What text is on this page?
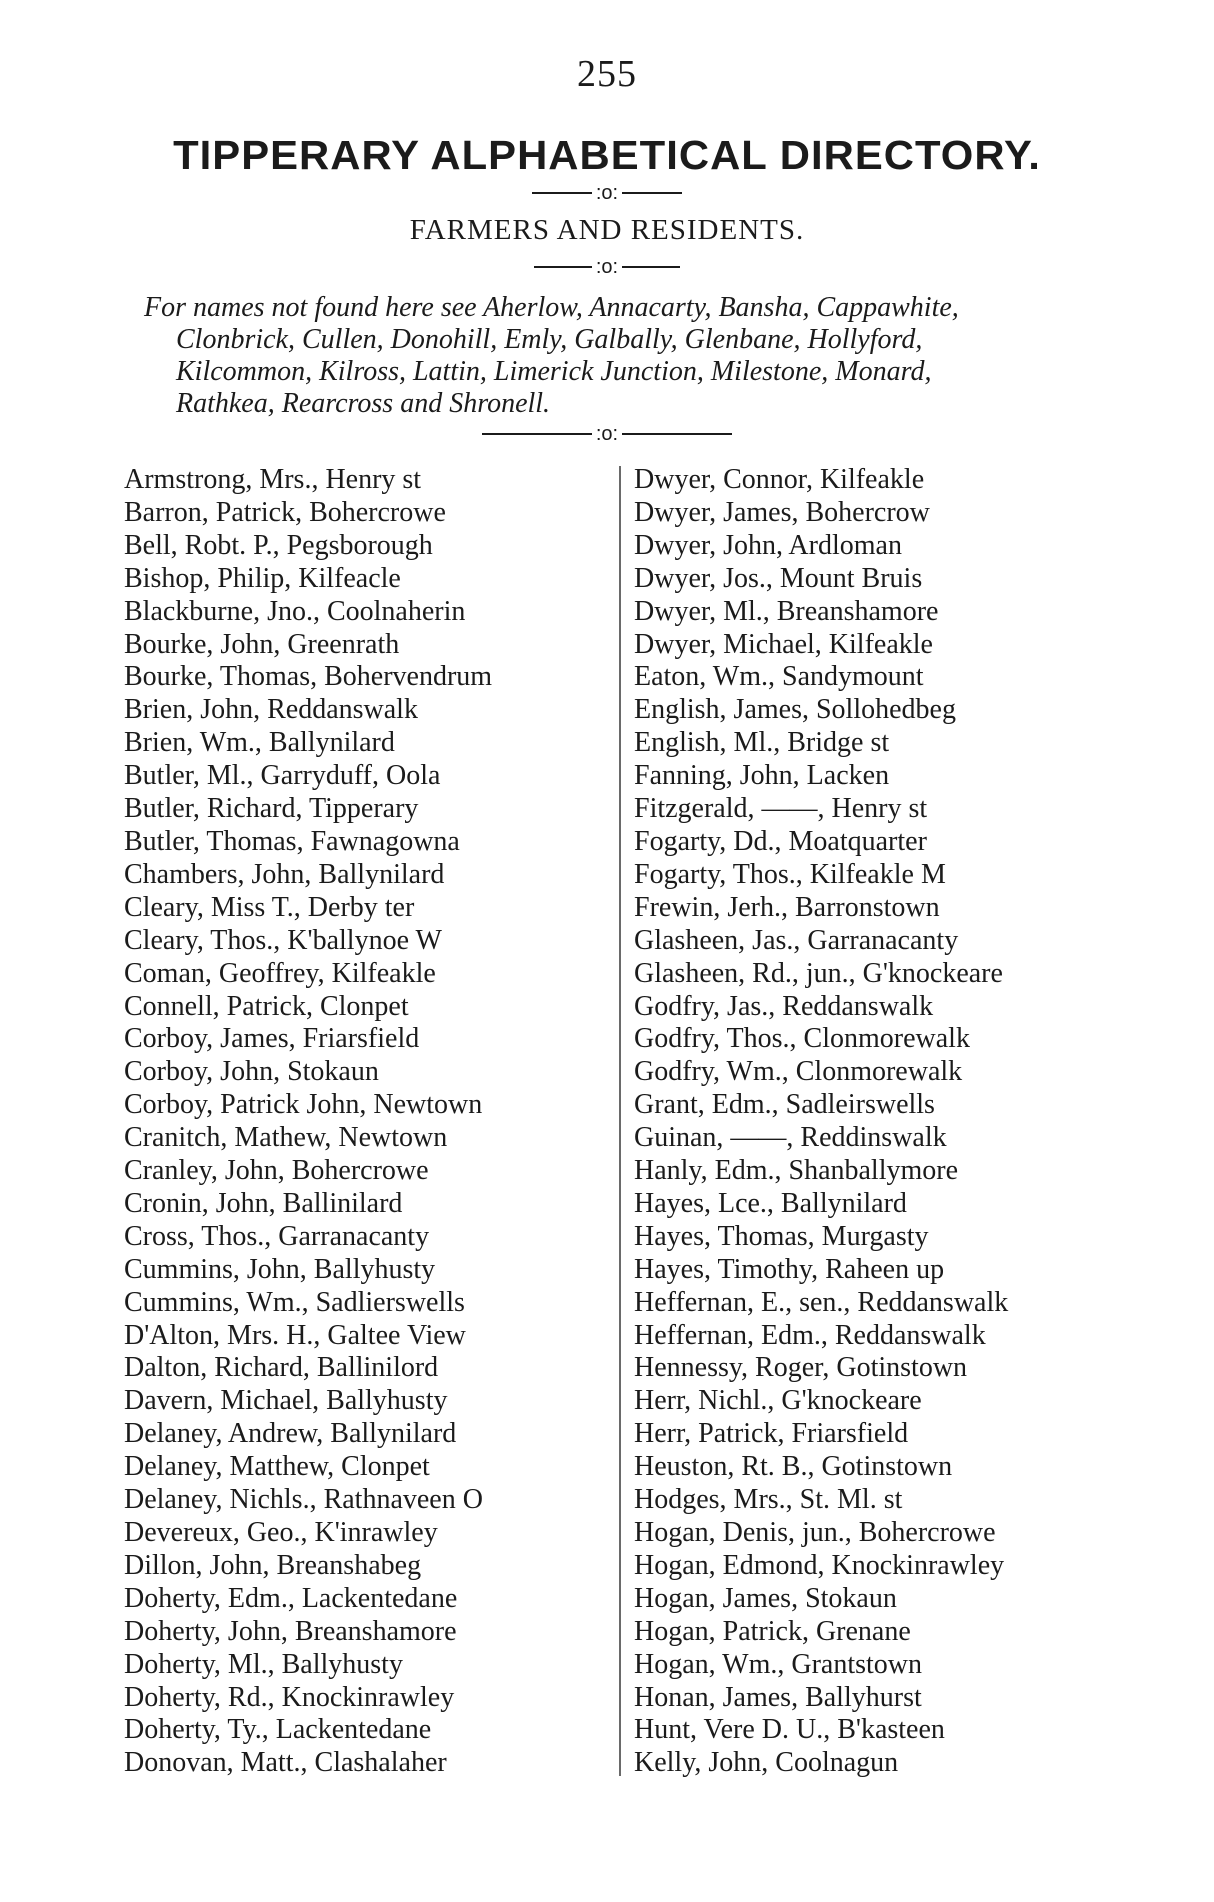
255
TIPPERARY ALPHABETICAL DIRECTORY.
:o:
FARMERS AND RESIDENTS.
:o:
For names not found here see Aherlow, Annacarty, Bansha, Cappawhite,
Clonbrick, Cullen, Donohill, Emly, Galbally, Glenbane, Hollyford,
Kilcommon, Kilross, Lattin, Limerick Junction, Milestone, Monard,
Rathkea, Rearcross and Shronell.
:o:
Armstrong, Mrs., Henry st
Barron, Patrick, Bohercrowe
Bell, Robt. P., Pegsborough
Bishop, Philip, Kilfeacle
Blackburne, Jno., Coolnaherin
Bourke, John, Greenrath
Bourke, Thomas, Bohervendrum
Brien, John, Reddanswalk
Brien, Wm., Ballynilard
Butler, Ml., Garryduff, Oola
Butler, Richard, Tipperary
Butler, Thomas, Fawnagowna
Chambers, John, Ballynilard
Cleary, Miss T., Derby ter
Cleary, Thos., K'ballynoe W
Coman, Geoffrey, Kilfeakle
Connell, Patrick, Clonpet
Corboy, James, Friarsfield
Corboy, John, Stokaun
Corboy, Patrick John, Newtown
Cranitch, Mathew, Newtown
Cranley, John, Bohercrowe
Cronin, John, Ballinilard
Cross, Thos., Garranacanty
Cummins, John, Ballyhusty
Cummins, Wm., Sadlierswells
D'Alton, Mrs. H., Galtee View
Dalton, Richard, Ballinilord
Davern, Michael, Ballyhusty
Delaney, Andrew, Ballynilard
Delaney, Matthew, Clonpet
Delaney, Nichls., Rathnaveen O
Devereux, Geo., K'inrawley
Dillon, John, Breanshabeg
Doherty, Edm., Lackentedane
Doherty, John, Breanshamore
Doherty, Ml., Ballyhusty
Doherty, Rd., Knockinrawley
Doherty, Ty., Lackentedane
Donovan, Matt., Clashalaher
Dwyer, Connor, Kilfeakle
Dwyer, James, Bohercrow
Dwyer, John, Ardloman
Dwyer, Jos., Mount Bruis
Dwyer, Ml., Breanshamore
Dwyer, Michael, Kilfeakle
Eaton, Wm., Sandymount
English, James, Sollohedbeg
English, Ml., Bridge st
Fanning, John, Lacken
Fitzgerald, ——, Henry st
Fogarty, Dd., Moatquarter
Fogarty, Thos., Kilfeakle M
Frewin, Jerh., Barronstown
Glasheen, Jas., Garranacanty
Glasheen, Rd., jun., G'knockeare
Godfry, Jas., Reddanswalk
Godfry, Thos., Clonmorewalk
Godfry, Wm., Clonmorewalk
Grant, Edm., Sadleirswells
Guinan, ——, Reddinswalk
Hanly, Edm., Shanballymore
Hayes, Lce., Ballynilard
Hayes, Thomas, Murgasty
Hayes, Timothy, Raheen up
Heffernan, E., sen., Reddanswalk
Heffernan, Edm., Reddanswalk
Hennessy, Roger, Gotinstown
Herr, Nichl., G'knockeare
Herr, Patrick, Friarsfield
Heuston, Rt. B., Gotinstown
Hodges, Mrs., St. Ml. st
Hogan, Denis, jun., Bohercrowe
Hogan, Edmond, Knockinrawley
Hogan, James, Stokaun
Hogan, Patrick, Grenane
Hogan, Wm., Grantstown
Honan, James, Ballyhurst
Hunt, Vere D. U., B'kasteen
Kelly, John, Coolnagun
